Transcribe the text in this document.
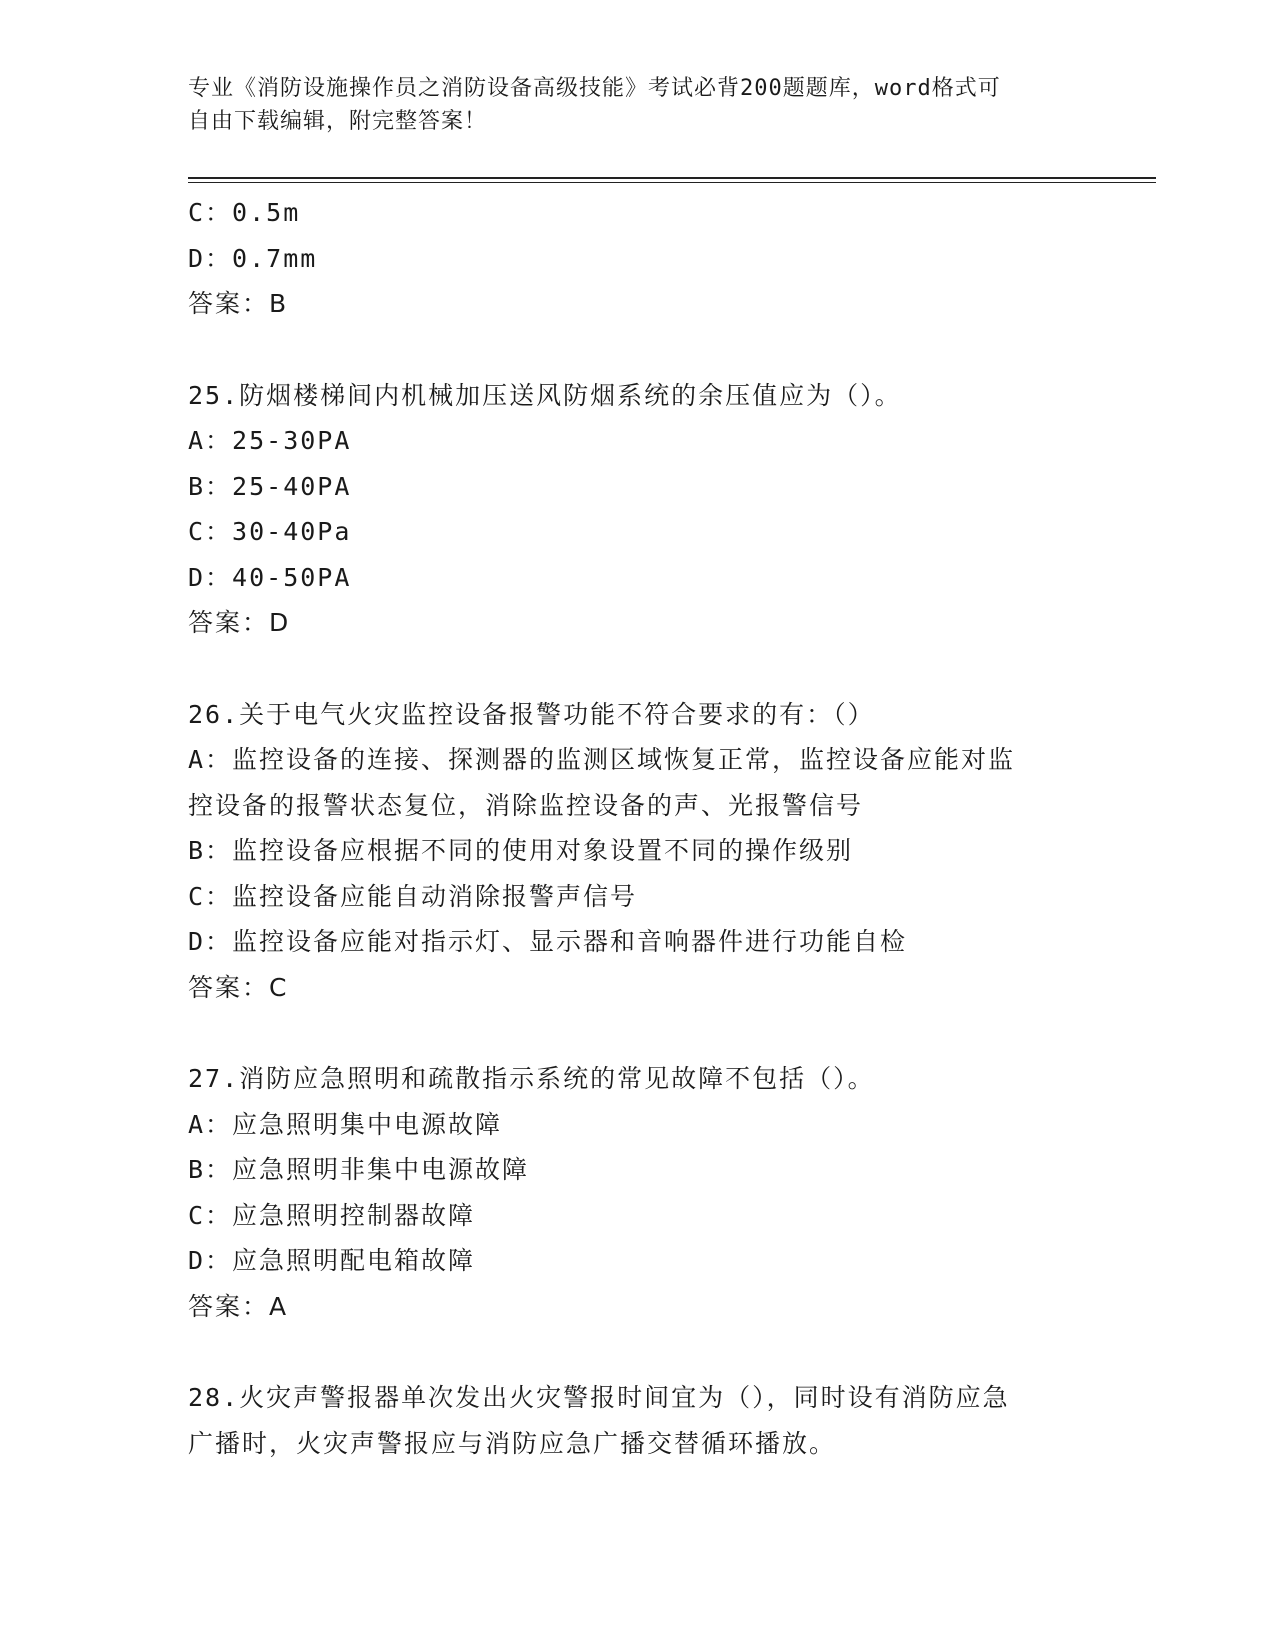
专业《消防设施操作员之消防设备高级技能》考试必背200题题库，word格式可
自由下载编辑，附完整答案！
C：0.5m
D：0.7mm
答案：B
25.防烟楼梯间内机械加压送风防烟系统的余压值应为（）。
A：25-30PA
B：25-40PA
C：30-40Pa
D：40-50PA
答案：D
26.关于电气火灾监控设备报警功能不符合要求的有：（）
A：监控设备的连接、探测器的监测区域恢复正常，监控设备应能对监
控设备的报警状态复位，消除监控设备的声、光报警信号
B：监控设备应根据不同的使用对象设置不同的操作级别
C：监控设备应能自动消除报警声信号
D：监控设备应能对指示灯、显示器和音响器件进行功能自检
答案：C
27.消防应急照明和疏散指示系统的常见故障不包括（）。
A：应急照明集中电源故障
B：应急照明非集中电源故障
C：应急照明控制器故障
D：应急照明配电箱故障
答案：A
28.火灾声警报器单次发出火灾警报时间宜为（），同时设有消防应急
广播时，火灾声警报应与消防应急广播交替循环播放。
